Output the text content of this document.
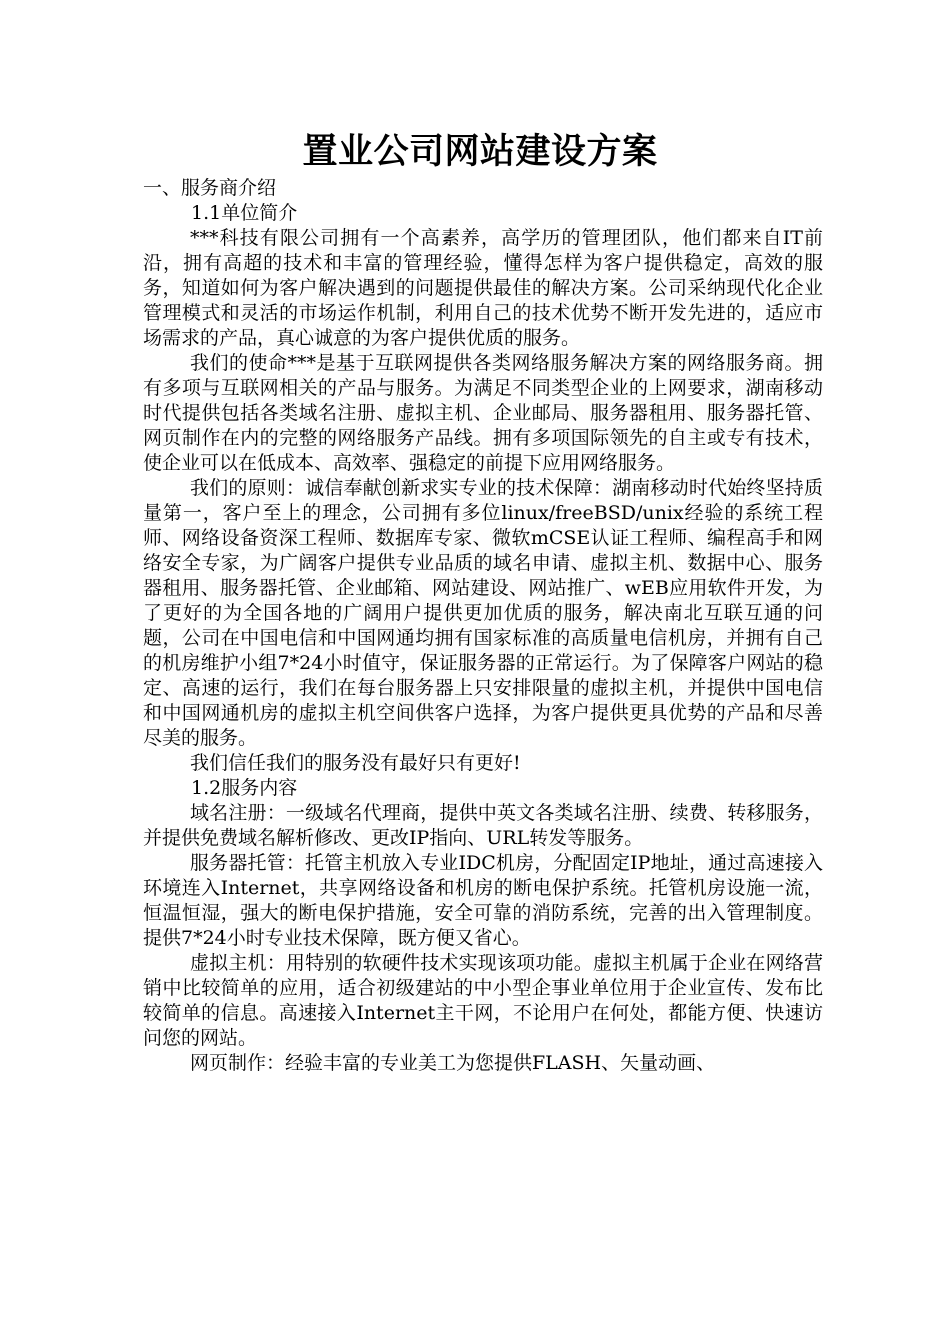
置业公司网站建设方案
一、服务商介绍
1.1单位简介

***科技有限公司拥有一个高素养，高学历的管理团队，他们都来自IT前沿，拥有高超的技术和丰富的管理经验，懂得怎样为客户提供稳定，高效的服务，知道如何为客户解决遇到的问题提供最佳的解决方案。公司采纳现代化企业管理模式和灵活的市场运作机制，利用自己的技术优势不断开发先进的，适应市场需求的产品，真心诚意的为客户提供优质的服务。

我们的使命***是基于互联网提供各类网络服务解决方案的网络服务商。拥有多项与互联网相关的产品与服务。为满足不同类型企业的上网要求，湖南移动时代提供包括各类域名注册、虚拟主机、企业邮局、服务器租用、服务器托管、网页制作在内的完整的网络服务产品线。拥有多项国际领先的自主或专有技术，使企业可以在低成本、高效率、强稳定的前提下应用网络服务。

我们的原则：诚信奉献创新求实专业的技术保障：湖南移动时代始终坚持质量第一，客户至上的理念，公司拥有多位linux/freeBSD/unix经验的系统工程师、网络设备资深工程师、数据库专家、微软mCSE认证工程师、编程高手和网络安全专家，为广阔客户提供专业品质的域名申请、虚拟主机、数据中心、服务器租用、服务器托管、企业邮箱、网站建设、网站推广、wEB应用软件开发，为了更好的为全国各地的广阔用户提供更加优质的服务，解决南北互联互通的问题，公司在中国电信和中国网通均拥有国家标准的高质量电信机房，并拥有自己的机房维护小组7*24小时值守，保证服务器的正常运行。为了保障客户网站的稳定、高速的运行，我们在每台服务器上只安排限量的虚拟主机，并提供中国电信和中国网通机房的虚拟主机空间供客户选择，为客户提供更具优势的产品和尽善尽美的服务。

我们信任我们的服务没有最好只有更好!

1.2服务内容

域名注册：一级域名代理商，提供中英文各类域名注册、续费、转移服务，并提供免费域名解析修改、更改IP指向、URL转发等服务。

服务器托管：托管主机放入专业IDC机房，分配固定IP地址，通过高速接入环境连入Internet，共享网络设备和机房的断电保护系统。托管机房设施一流，恒温恒湿，强大的断电保护措施，安全可靠的消防系统，完善的出入管理制度。提供7*24小时专业技术保障，既方便又省心。

虚拟主机：用特别的软硬件技术实现该项功能。虚拟主机属于企业在网络营销中比较简单的应用，适合初级建站的中小型企事业单位用于企业宣传、发布比较简单的信息。高速接入Internet主干网，不论用户在何处，都能方便、快速访问您的网站。

网页制作：经验丰富的专业美工为您提供FLASH、矢量动画、
